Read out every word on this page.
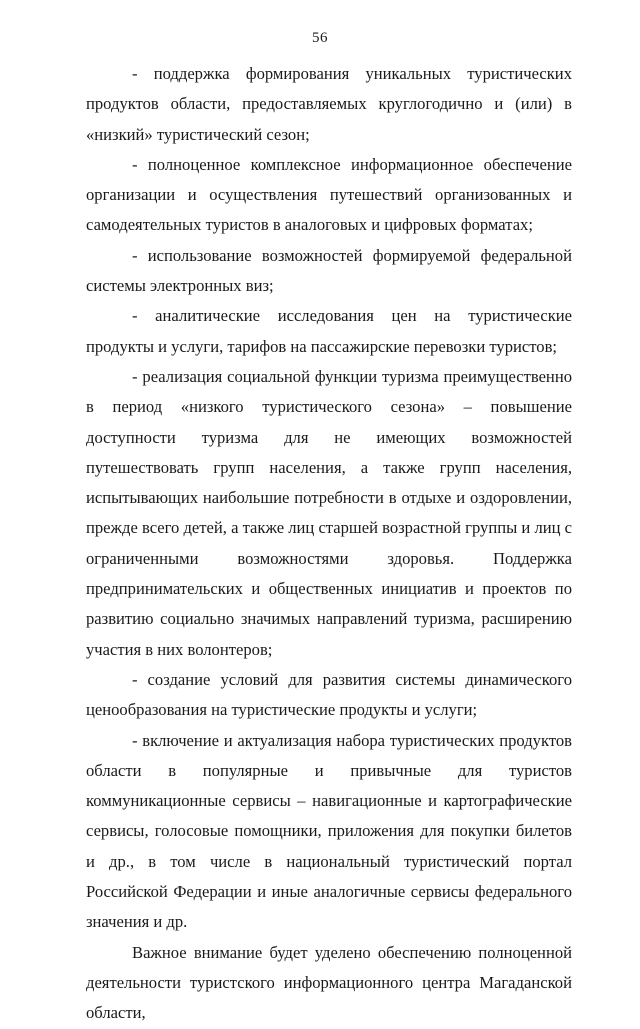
56

- поддержка формирования уникальных туристических продуктов области, предоставляемых круглогодично и (или) в «низкий» туристический сезон;

- полноценное комплексное информационное обеспечение организации и осуществления путешествий организованных и самодеятельных туристов в аналоговых и цифровых форматах;

- использование возможностей формируемой федеральной системы электронных виз;

- аналитические исследования цен на туристические продукты и услуги, тарифов на пассажирские перевозки туристов;

- реализация социальной функции туризма преимущественно в период «низкого туристического сезона» – повышение доступности туризма для не имеющих возможностей путешествовать групп населения, а также групп населения, испытывающих наибольшие потребности в отдыхе и оздоровлении, прежде всего детей, а также лиц старшей возрастной группы и лиц с ограниченными возможностями здоровья. Поддержка предпринимательских и общественных инициатив и проектов по развитию социально значимых направлений туризма, расширению участия в них волонтеров;

- создание условий для развития системы динамического ценообразования на туристические продукты и услуги;

- включение и актуализация набора туристических продуктов области в популярные и привычные для туристов коммуникационные сервисы – навигационные и картографические сервисы, голосовые помощники, приложения для покупки билетов и др., в том числе в национальный туристический портал Российской Федерации и иные аналогичные сервисы федерального значения и др.

Важное внимание будет уделено обеспечению полноценной деятельности туристского информационного центра Магаданской области,
